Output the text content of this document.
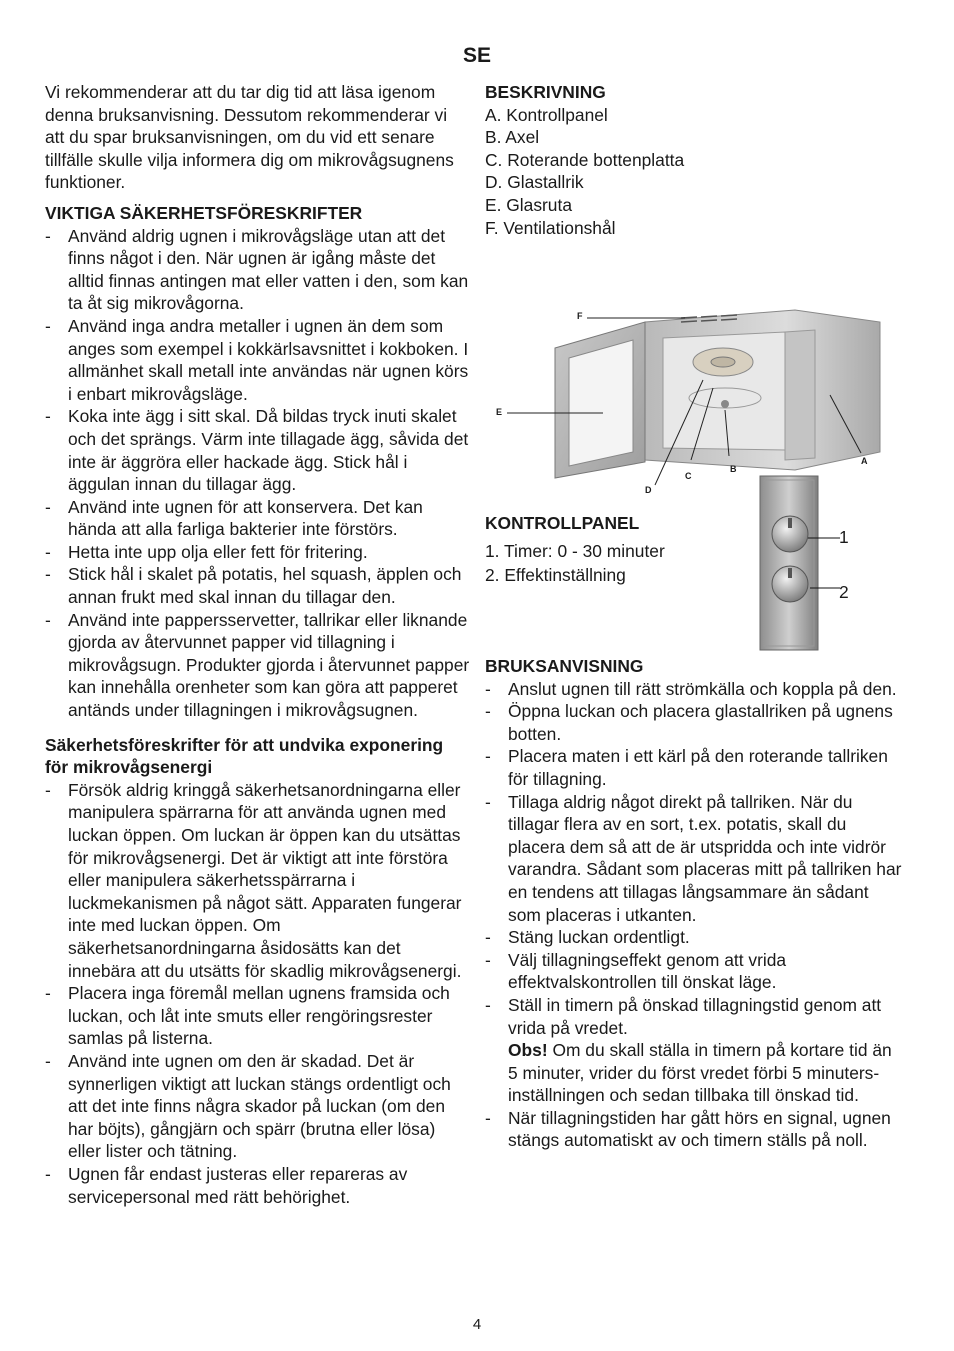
SE

Vi rekommenderar att du tar dig tid att läsa igenom denna bruksanvisning. Dessutom rekommenderar vi att du spar bruksanvisningen, om du vid ett senare tillfälle skulle vilja informera dig om mikrovågsugnens funktioner.

VIKTIGA SÄKERHETSFÖRESKRIFTER
- Använd aldrig ugnen i mikrovågsläge utan att det finns något i den. När ugnen är igång måste det alltid finnas antingen mat eller vatten i den, som kan ta åt sig mikrovågorna.
- Använd inga andra metaller i ugnen än dem som anges som exempel i kokkärlsavsnittet i kokboken. I allmänhet skall metall inte användas när ugnen körs i enbart mikrovågsläge.
- Koka inte ägg i sitt skal. Då bildas tryck inuti skalet och det sprängs. Värm inte tillagade ägg, såvida det inte är äggröra eller hackade ägg. Stick hål i äggulan innan du tillagar ägg.
- Använd inte ugnen för att konservera. Det kan hända att alla farliga bakterier inte förstörs.
- Hetta inte upp olja eller fett för fritering.
- Stick hål i skalet på potatis, hel squash, äpplen och annan frukt med skal innan du tillagar den.
- Använd inte pappersservetter, tallrikar eller liknande gjorda av återvunnet papper vid tillagning i mikrovågsugn. Produkter gjorda i återvunnet papper kan innehålla orenheter som kan göra att papperet antänds under tillagningen i mikrovågsugnen.
Säkerhetsföreskrifter för att undvika exponering för mikrovågsenergi
- Försök aldrig kringgå säkerhetsanordningarna eller manipulera spärrarna för att använda ugnen med luckan öppen. Om luckan är öppen kan du utsättas för mikrovågsenergi. Det är viktigt att inte förstöra eller manipulera säkerhetsspärrarna i luckmekanismen på något sätt. Apparaten fungerar inte med luckan öppen. Om säkerhetsanordningarna åsidosätts kan det innebära att du utsätts för skadlig mikrovågsenergi.
- Placera inga föremål mellan ugnens framsida och luckan, och låt inte smuts eller rengöringsrester samlas på listerna.
- Använd inte ugnen om den är skadad. Det är synnerligen viktigt att luckan stängs ordentligt och att det inte finns några skador på luckan (om den har böjts), gångjärn och spärr (brutna eller lösa) eller lister och tätning.
- Ugnen får endast justeras eller repareras av servicepersonal med rätt behörighet.
BESKRIVNING
A. Kontrollpanel
B. Axel
C. Roterande bottenplatta
D. Glastallrik
E. Glasruta
F. Ventilationshål
F
E
D
C
B
A
KONTROLLPANEL
1. Timer: 0 - 30 minuter
2. Effektinställning
1
2
BRUKSANVISNING
- Anslut ugnen till rätt strömkälla och koppla på den.
- Öppna luckan och placera glastallriken på ugnens botten.
- Placera maten i ett kärl på den roterande tallriken för tillagning.
- Tillaga aldrig något direkt på tallriken. När du tillagar flera av en sort, t.ex. potatis, skall du placera dem så att de är utspridda och inte vidrör varandra. Sådant som placeras mitt på tallriken har en tendens att tillagas långsammare än sådant som placeras i utkanten.
- Stäng luckan ordentligt.
- Välj tillagningseffekt genom att vrida effektvalskontrollen till önskat läge.
- Ställ in timern på önskad tillagningstid genom att vrida på vredet.

Obs! Om du skall ställa in timern på kortare tid än 5 minuter, vrider du först vredet förbi 5 minuters-inställningen och sedan tillbaka till önskad tid.

- När tillagningstiden har gått hörs en signal, ugnen stängs automatiskt av och timern ställs på noll.
4
